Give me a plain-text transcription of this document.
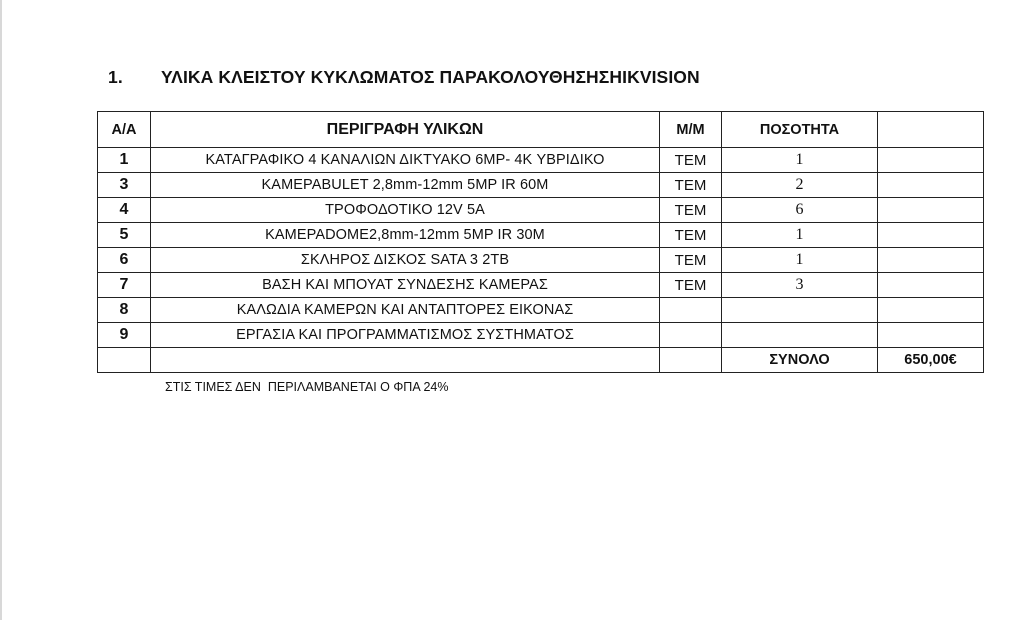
1. ΥΛΙΚΑ ΚΛΕΙΣΤΟΥ ΚΥΚΛΩΜΑΤΟΣ ΠΑΡΑΚΟΛΟΥΘΗΣΗΣHIKVISION
Α/Α	ΠΕΡΙΓΡΑΦΗ ΥΛΙΚΩΝ	Μ/Μ	ΠΟΣΟΤΗΤΑ	
1	ΚΑΤΑΓΡΑΦΙΚΟ 4 ΚΑΝΑΛΙΩΝ ΔΙΚΤΥΑΚΟ 6MP- 4K ΥΒΡΙΔΙΚΟ	ΤΕΜ	1	
3	ΚΑΜΕΡΑBULET 2,8mm-12mm 5MP IR 60M	ΤΕΜ	2	
4	ΤΡΟΦΟΔΟΤΙΚΟ 12V 5A	ΤΕΜ	6	
5	ΚΑΜΕΡΑDOME2,8mm-12mm 5MP IR 30M	ΤΕΜ	1	
6	ΣΚΛΗΡΟΣ ΔΙΣΚΟΣ SATA 3 2TB	ΤΕΜ	1	
7	ΒΑΣΗ ΚΑΙ ΜΠΟΥΑΤ ΣΥΝΔΕΣΗΣ ΚΑΜΕΡΑΣ	ΤΕΜ	3	
8	ΚΑΛΩΔΙΑ ΚΑΜΕΡΩΝ ΚΑΙ ΑΝΤΑΠΤΟΡΕΣ ΕΙΚΟΝΑΣ			
9	ΕΡΓΑΣΙΑ ΚΑΙ ΠΡΟΓΡΑΜΜΑΤΙΣΜΟΣ ΣΥΣΤΗΜΑΤΟΣ			
			ΣΥΝΟΛΟ	650,00€
ΣΤΙΣ ΤΙΜΕΣ ΔΕΝ  ΠΕΡΙΛΑΜΒΑΝΕΤΑΙ Ο ΦΠΑ 24%
